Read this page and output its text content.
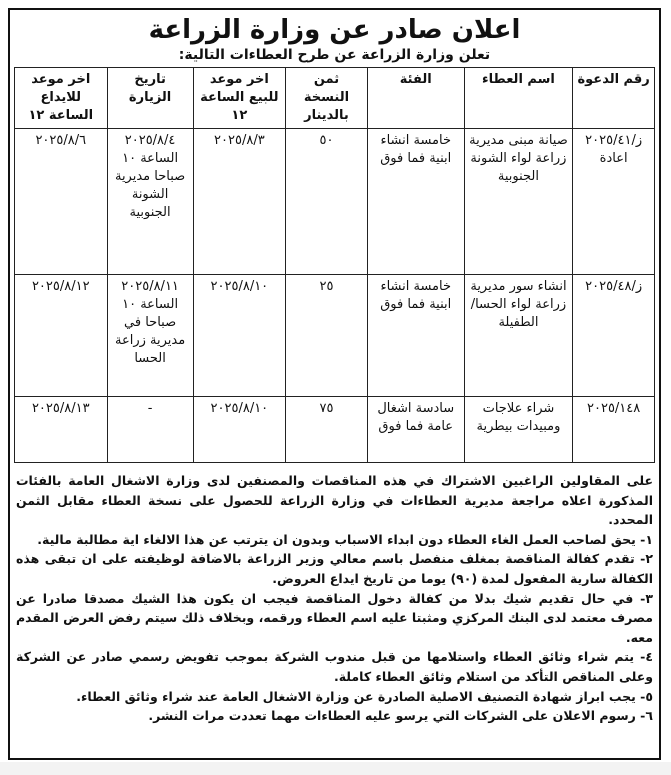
اعلان صادر عن وزارة الزراعة
تعلن وزارة الزراعة عن طرح العطاءات التالية:
رقم الدعوة	اسم العطاء	الفئة	ثمن النسخة بالدينار	اخر موعد للبيع الساعة ١٢	تاريخ الزيارة	اخر موعد للايداع الساعة ١٢
ز/٢٠٢٥/٤١ اعادة	صيانة مبنى مديرية زراعة لواء الشونة الجنوبية	خامسة انشاء ابنية فما فوق	٥٠	٢٠٢٥/٨/٣	٢٠٢٥/٨/٤ الساعة ١٠ صباحا مديرية الشونة الجنوبية	٢٠٢٥/٨/٦
ز/٢٠٢٥/٤٨	انشاء سور مديرية زراعة لواء الحسا/ الطفيلة	خامسة انشاء ابنية فما فوق	٢٥	٢٠٢٥/٨/١٠	٢٠٢٥/٨/١١ الساعة ١٠ صباحا في مديرية زراعة الحسا	٢٠٢٥/٨/١٢
٢٠٢٥/١٤٨	شراء علاجات ومبيدات بيطرية	سادسة اشغال عامة فما فوق	٧٥	٢٠٢٥/٨/١٠	-	٢٠٢٥/٨/١٣

على المقاولين الراغبين الاشتراك في هذه المناقصات والمصنفين لدى وزارة الاشغال العامة بالفئات المذكورة اعلاه مراجعة مديرية العطاءات في وزارة الزراعة للحصول على نسخة العطاء مقابل الثمن المحدد.

١- يحق لصاحب العمل الغاء العطاء دون ابداء الاسباب وبدون ان يترتب عن هذا الالغاء اية مطالبة مالية.

٢- تقدم كفالة المناقصة بمغلف منفصل باسم معالي وزير الزراعة بالاضافة لوظيفته على ان تبقى هذه الكفالة سارية المفعول لمدة (٩٠) يوما من تاريخ ايداع العروض.

٣- في حال تقديم شيك بدلا من كفالة دخول المناقصة فيجب ان يكون هذا الشيك مصدقا صادرا عن مصرف معتمد لدى البنك المركزي ومثبتا عليه اسم العطاء ورقمه، وبخلاف ذلك سيتم رفض العرض المقدم معه.

٤- يتم شراء وثائق العطاء واستلامها من قبل مندوب الشركة بموجب تفويض رسمي صادر عن الشركة وعلى المناقص التأكد من استلام وثائق العطاء كاملة.

٥- يجب ابراز شهادة التصنيف الاصلية الصادرة عن وزارة الاشغال العامة عند شراء وثائق العطاء.

٦- رسوم الاعلان على الشركات التي يرسو عليه العطاءات مهما تعددت مرات النشر.
